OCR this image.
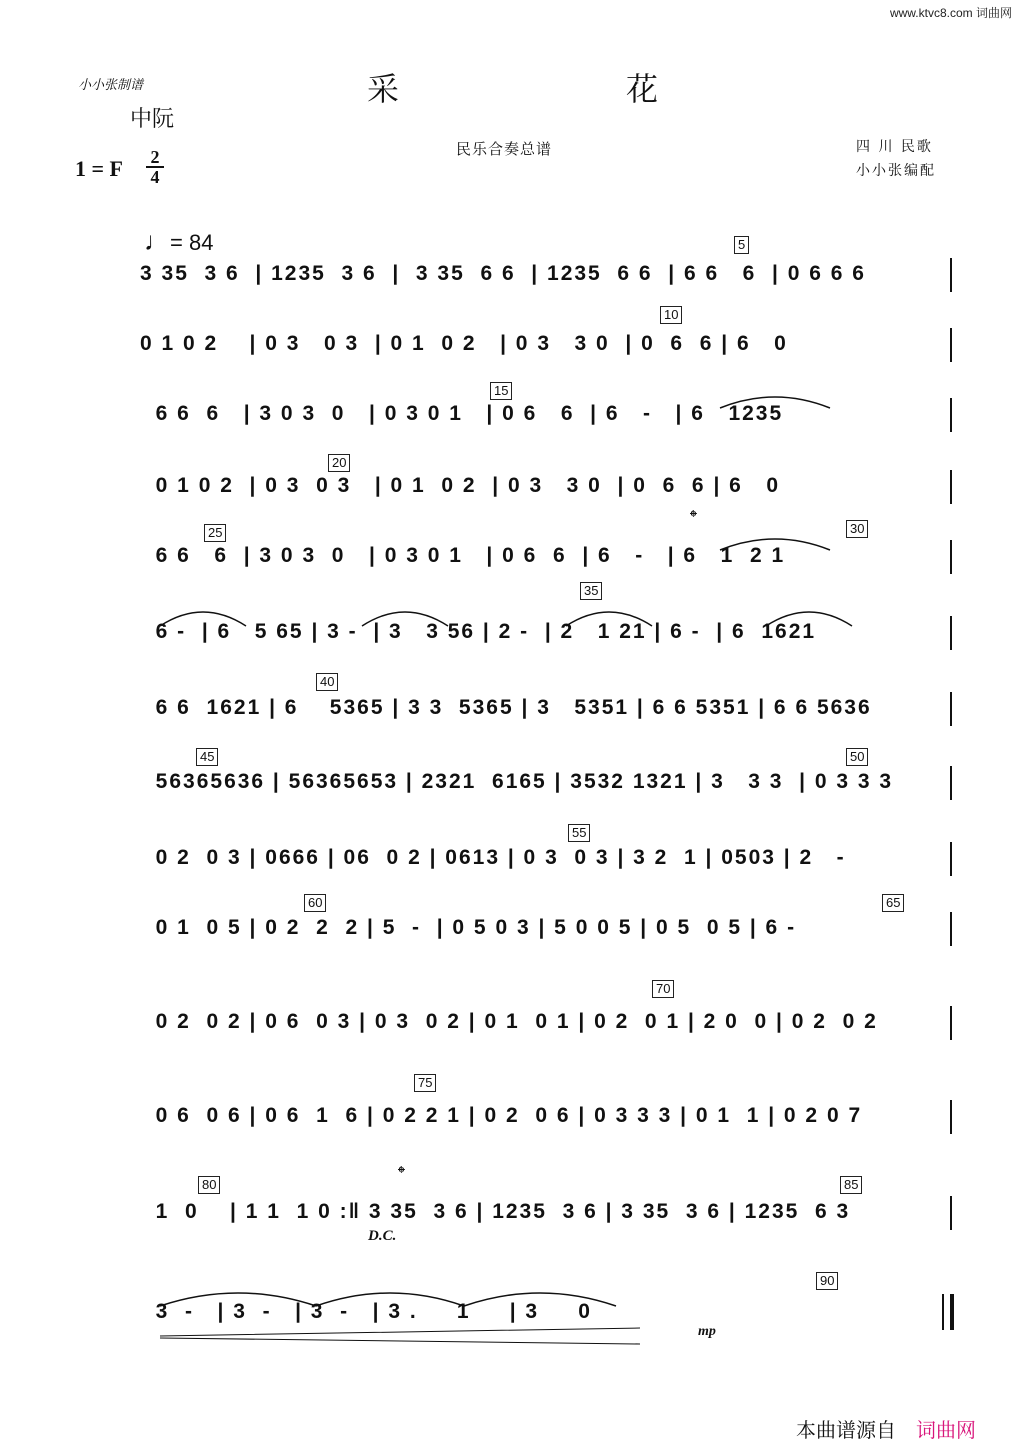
www.ktvc8.com 词曲网
小小张制谱
中阮
采	花
民乐合奏总谱	四 川 民歌
小小张编配
1 = F $\frac{2}{4}$
♩= 84
3 35  3 6  | 1235  3 6  |  3 35  6 6  | 1235  6 6  | 6 6   6  | 0 6 6 6
0 1 0 2    | 0 3   0 3  | 0 1  0 2   | 0 3   3 0  | 0  6  6 | 6   0
6 6  6   | 3 0 3  0   | 0 3 0 1   | 0 6   6  | 6   -   | 6   1235
0 1 0 2  | 0 3  0 3   | 0 1  0 2  | 0 3   3 0  | 0  6  6 | 6   0
6 6   6  | 3 0 3  0   | 0 3 0 1   | 0 6  6  | 6   -   | 6   1  2 1
6 -  | 6   5 65 | 3 -  | 3   3 56 | 2 -  | 2   1 21 | 6 -  | 6  1621
6 6  1621 | 6    5365 | 3 3  5365 | 3   5351 | 6 6 5351 | 6 6 5636
56365636 | 56365653 | 2321  6165 | 3532 1321 | 3   3 3  | 0 3 3 3
0 2  0 3 | 0666 | 06  0 2 | 0613 | 0 3  0 3 | 3 2  1 | 0503 | 2   -
0 1  0 5 | 0 2  2  2 | 5  -  | 0 5 0 3 | 5 0 0 5 | 0 5  0 5 | 6 -
0 2  0 2 | 0 6  0 3 | 0 3  0 2 | 0 1  0 1 | 0 2  0 1 | 2 0  0 | 0 2  0 2
0 6  0 6 | 0 6  1  6 | 0 2 2 1 | 0 2  0 6 | 0 3 3 3 | 0 1  1 | 0 2 0 7
1  0    | 1 1  1 0 :‖ 3 35  3 6 | 1235  3 6 | 3 35  3 6 | 1235  6 3
3  -   | 3  -   | 3  -   | 3 .     1     | 3     0
5
10
15
20
25	30
35
40
45	50
55
60	65
70
75
80	85
90
𝄌
𝄌
D.C.
mp
本曲谱源自 词曲网
